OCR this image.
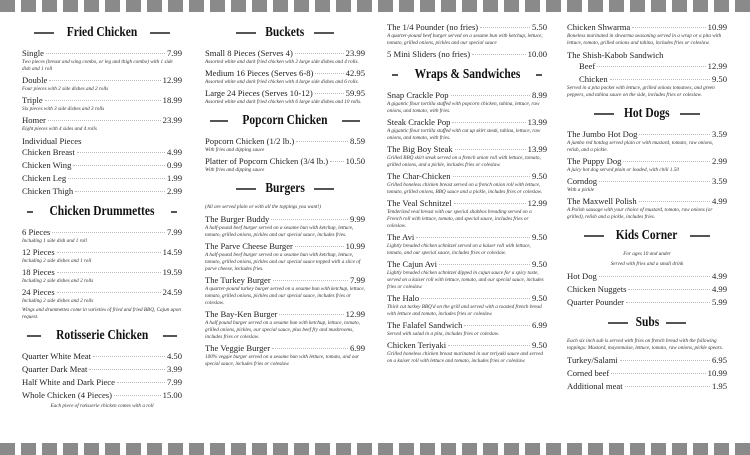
Fried Chicken
Single	7.99
Two pieces (breast and wing combo, or leg and thigh combo) with 1 side dish and 1 roll
Double	12.99
Four pieces with 2 side dishes and 2 rolls
Triple	18.99
Six pieces with 3 side dishes and 3 rolls
Homer	23.99
Eight pieces with 4 sides and 4 rolls
Individual Pieces
Chicken Breast	4.99
Chicken Wing	0.99
Chicken Leg	1.99
Chicken Thigh	2.99
Chicken Drummettes
6 Pieces	7.99
Including 1 side dish and 1 roll
12 Pieces	14.59
Including 2 side dishes and 1 roll
18 Pieces	19.59
Including 2 side dishes and 2 rolls
24 Pieces	24.59
Including 2 side dishes and 2 rolls
Wings and drummettes come in varieties of fried and fried BBQ, Cajun upon request.
Rotisserie Chicken
Quarter White Meat	4.50
Quarter Dark Meat	3.99
Half White and Dark Piece	7.99
Whole Chicken (4 Pieces)	15.00
Each piece of rotisserie chicken comes with a roll
Buckets
Small 8 Pieces (Serves 4)	23.99
Assorted white and dark fried chicken with 2 large side dishes and 4 rolls.
Medium 16 Pieces (Serves 6-8)	42.95
Assorted white and dark fried chicken with 4 large side dishes and 6 rolls.
Large 24 Pieces (Serves 10-12)	59.95
Assorted white and dark fried chicken with 6 large side dishes and 10 rolls.
Popcorn Chicken
Popcorn Chicken (1/2 lb.)	8.59
With fries and dipping sauce
Platter of Popcorn Chicken (3/4 lb.) 10.50
With fries and dipping sauce
Burgers
(All are served plain or with all the toppings you want!)
The Burger Buddy	9.99
A half-pound beef burger served on a sesame bun with ketchup, lettuce, tomato, grilled onions, pickles and our special sauce, includes fries.
The Parve Cheese Burger	10.99
A half-pound beef burger served on a sesame bun with ketchup, lettuce, tomato, grilled onions, pickles and our special sauce topped with a slice of parve cheese, includes fries.
The Turkey Burger	7.99
A quarter-pound turkey burger served on a sesame bun with ketchup, lettuce, tomato, grilled onions, pickles and our special sauce, includes fries or coleslaw.
The Bay-Ken Burger	12.99
A half pound burger served on a sesame bun with ketchup, lettuce, tomato, grilled onions, pickles, our special sauce, plus beef fry and mushrooms, includes fries or coleslaw.
The Veggie Burger	6.99
100% veggie burger served on a sesame bun with lettuce, tomato, and our special sauce, includes fries or coleslaw.
The 1/4 Pounder (no fries)	5.50
A quarter-pound beef burger served on a sesame bun with ketchup, lettuce, tomato, grilled onions, pickles and our special sauce
5 Mini Sliders (no fries)	10.00
Wraps & Sandwiches
Snap Crackle Pop	8.99
A gigantic flour tortilla stuffed with popcorn chicken, tahina, lettuce, raw onions, and tomato, with fries.
Steak Crackle Pop	13.99
A gigantic flour tortilla stuffed with cut up skirt steak, tahina, lettuce, raw onions, and tomato, with fries.
The Big Boy Steak	13.99
Grilled BBQ skirt steak served on a french onion roll with lettuce, tomato, grilled onions, and a pickle, includes fries or coleslaw.
The Char-Chicken	9.50
Grilled boneless chicken breast served on a french onion roll with lettuce, tomato, grilled onions, BBQ sauce and a pickle, includes fries or coleslaw.
The Veal Schnitzel	12.99
Tenderized veal breast with our special shabbos breading served on a French roll with lettuce, tomato, and special sauce, includes fries or coleslaw.
The Avi	9.50
Lightly breaded chicken schnitzel served on a kaiser roll with lettuce, tomato, and our special sauce, includes fries or coleslaw.
The Cajun Avi	9.50
Lightly breaded chicken schnitzel dipped in cajun sauce for a spicy taste, served on a kaiser roll with lettuce, tomato, and our special sauce, includes fries or coleslaw.
The Halo	9.50
Thick cut turkey BBQ'd on the grill and served with a toasted french bread with lettuce and tomato, includes fries or coleslaw.
The Falafel Sandwich	6.99
Served with salad in a pita, includes fries or coleslaw.
Chicken Teriyaki	9.50
Grilled boneless chicken breast marinated in our teriyaki sauce and served on a kaiser roll with lettuce and tomato, includes fries or coleslaw.
Chicken Shwarma	10.99
Boneless marinated in shwarma seasoning served in a wrap or a pita with lettuce, tomato, grilled onions and tahina, includes fries or coleslaw.
The Shish-Kabob Sandwich
Beef	12.99
Chicken	9.50
Served in a pita pocket with lettuce, grilled onions tomatoes, and green peppers, and tahina sauce on the side, includes fries or coleslaw.
Hot Dogs
The Jumbo Hot Dog	3.59
A jumbo red hotdog served plain or with mustard, tomato, raw onions, relish, and a pickle.
The Puppy Dog	2.99
A juicy hot dog served plain or loaded, with chili 1.50
Corndog	3.59
With a pickle
The Maxwell Polish	4.99
A Polish sausage with your choice of mustard, tomato, raw onions (or grilled), relish and a pickle, includes fries.
Kids Corner
For ages 10 and under
Served with fries and a small drink
Hot Dog	4.99
Chicken Nuggets	4.99
Quarter Pounder	5.99
Subs
Each six inch sub is served with fries on french bread with the following toppings: Mustard, mayonnaise, lettuce, tomato, raw onions, pickle spears.
Turkey/Salami	6.95
Corned beef	10.99
Additional meat	1.95
